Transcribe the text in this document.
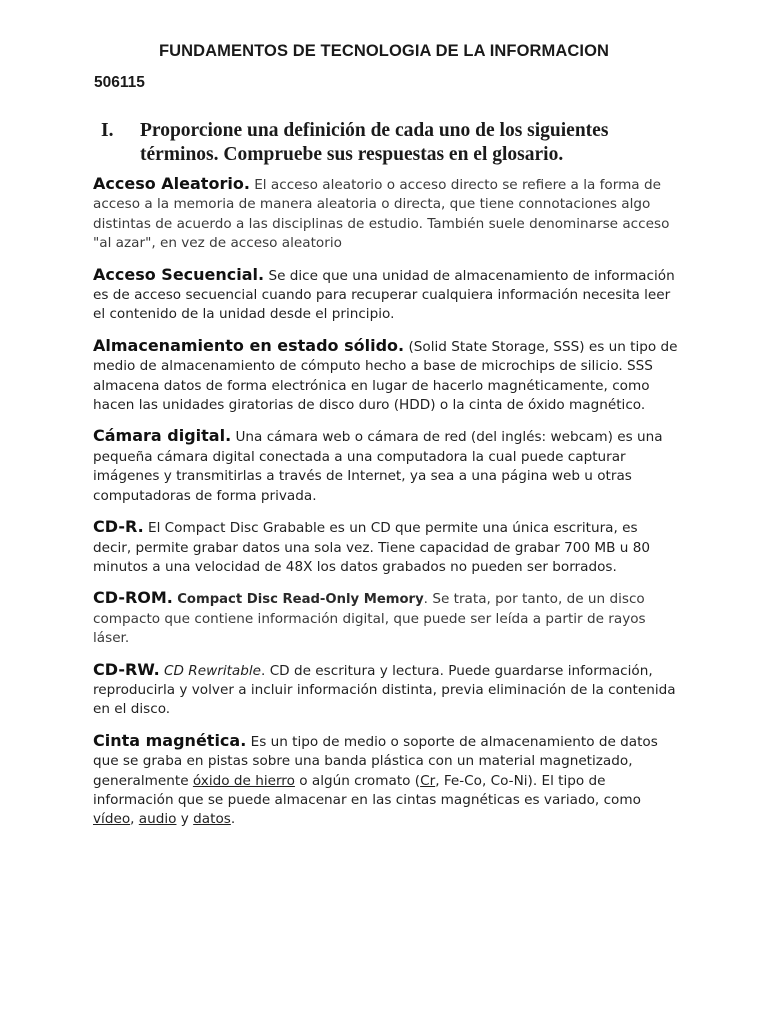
FUNDAMENTOS DE TECNOLOGIA DE LA INFORMACION
506115
I.	Proporcione una definición de cada uno de los siguientes términos. Compruebe sus respuestas en el glosario.

Acceso Aleatorio. El acceso aleatorio o acceso directo se refiere a la forma de acceso a la memoria de manera aleatoria o directa, que tiene connotaciones algo distintas de acuerdo a las disciplinas de estudio. También suele denominarse acceso "al azar", en vez de acceso aleatorio

Acceso Secuencial. Se dice que una unidad de almacenamiento de información es de acceso secuencial cuando para recuperar cualquiera información necesita leer el contenido de la unidad desde el principio.

Almacenamiento en estado sólido. (Solid State Storage, SSS) es un tipo de medio de almacenamiento de cómputo hecho a base de microchips de silicio. SSS almacena datos de forma electrónica en lugar de hacerlo magnéticamente, como hacen las unidades giratorias de disco duro (HDD) o la cinta de óxido magnético.

Cámara digital. Una cámara web o cámara de red (del inglés: webcam) es una pequeña cámara digital conectada a una computadora la cual puede capturar imágenes y transmitirlas a través de Internet, ya sea a una página web u otras computadoras de forma privada.

CD-R. El Compact Disc Grabable es un CD que permite una única escritura, es decir, permite grabar datos una sola vez. Tiene capacidad de grabar 700 MB u 80 minutos a una velocidad de 48X los datos grabados no pueden ser borrados.

CD-ROM. Compact Disc Read-Only Memory. Se trata, por tanto, de un disco compacto que contiene información digital, que puede ser leída a partir de rayos láser.

CD-RW. CD Rewritable. CD de escritura y lectura. Puede guardarse información, reproducirla y volver a incluir información distinta, previa eliminación de la contenida en el disco.

Cinta magnética. Es un tipo de medio o soporte de almacenamiento de datos que se graba en pistas sobre una banda plástica con un material magnetizado, generalmente óxido de hierro o algún cromato (Cr, Fe-Co, Co-Ni). El tipo de información que se puede almacenar en las cintas magnéticas es variado, como vídeo, audio y datos.
